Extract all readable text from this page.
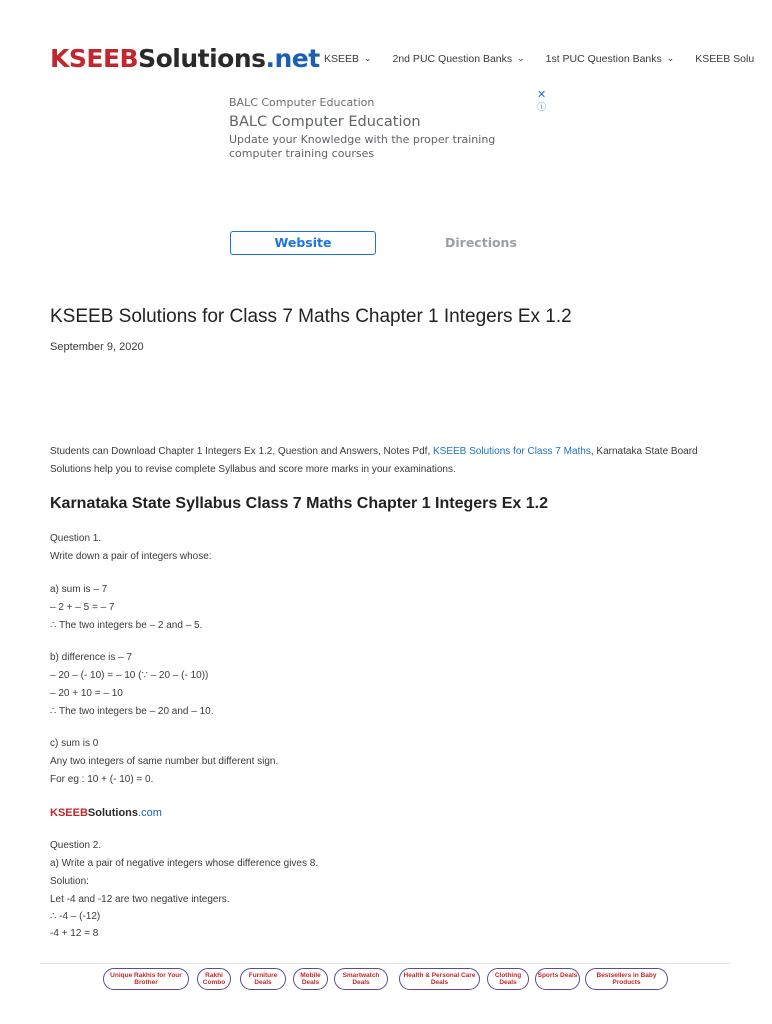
KSEEBSolutions.net KSEEB ⌄ 2nd PUC Question Banks ⌄ 1st PUC Question Banks ⌄ KSEEB Solu
BALC Computer Education
✕
ⓘ
BALC Computer Education
Update your Knowledge with the proper training computer training courses
Website	Directions
KSEEB Solutions for Class 7 Maths Chapter 1 Integers Ex 1.2
September 9, 2020

Students can Download Chapter 1 Integers Ex 1.2, Question and Answers, Notes Pdf, KSEEB Solutions for Class 7 Maths, Karnataka State Board Solutions help you to revise complete Syllabus and score more marks in your examinations.

Karnataka State Syllabus Class 7 Maths Chapter 1 Integers Ex 1.2
Question 1.
Write down a pair of integers whose:
a) sum is – 7
– 2 + – 5 = – 7
∴ The two integers be – 2 and – 5.
b) difference is – 7
– 20 – (- 10) = – 10 (∵ – 20 – (- 10))
– 20 + 10 = – 10
∴ The two integers be – 20 and – 10.
c) sum is 0
Any two integers of same number but different sign.
For eg : 10 + (- 10) = 0.
KSEEBSolutions.com
Question 2.
a) Write a pair of negative integers whose difference gives 8.
Solution:
Let -4 and -12 are two negative integers.
∴ -4 – (-12)
-4 + 12 = 8
Unique Rakhis for Your Brother
Rakhi Combo
Furniture Deals
Mobile Deals
Smartwatch Deals
Health & Personal Care Deals
Clothing Deals
Sports Deals	Bestsellers in Baby Products
